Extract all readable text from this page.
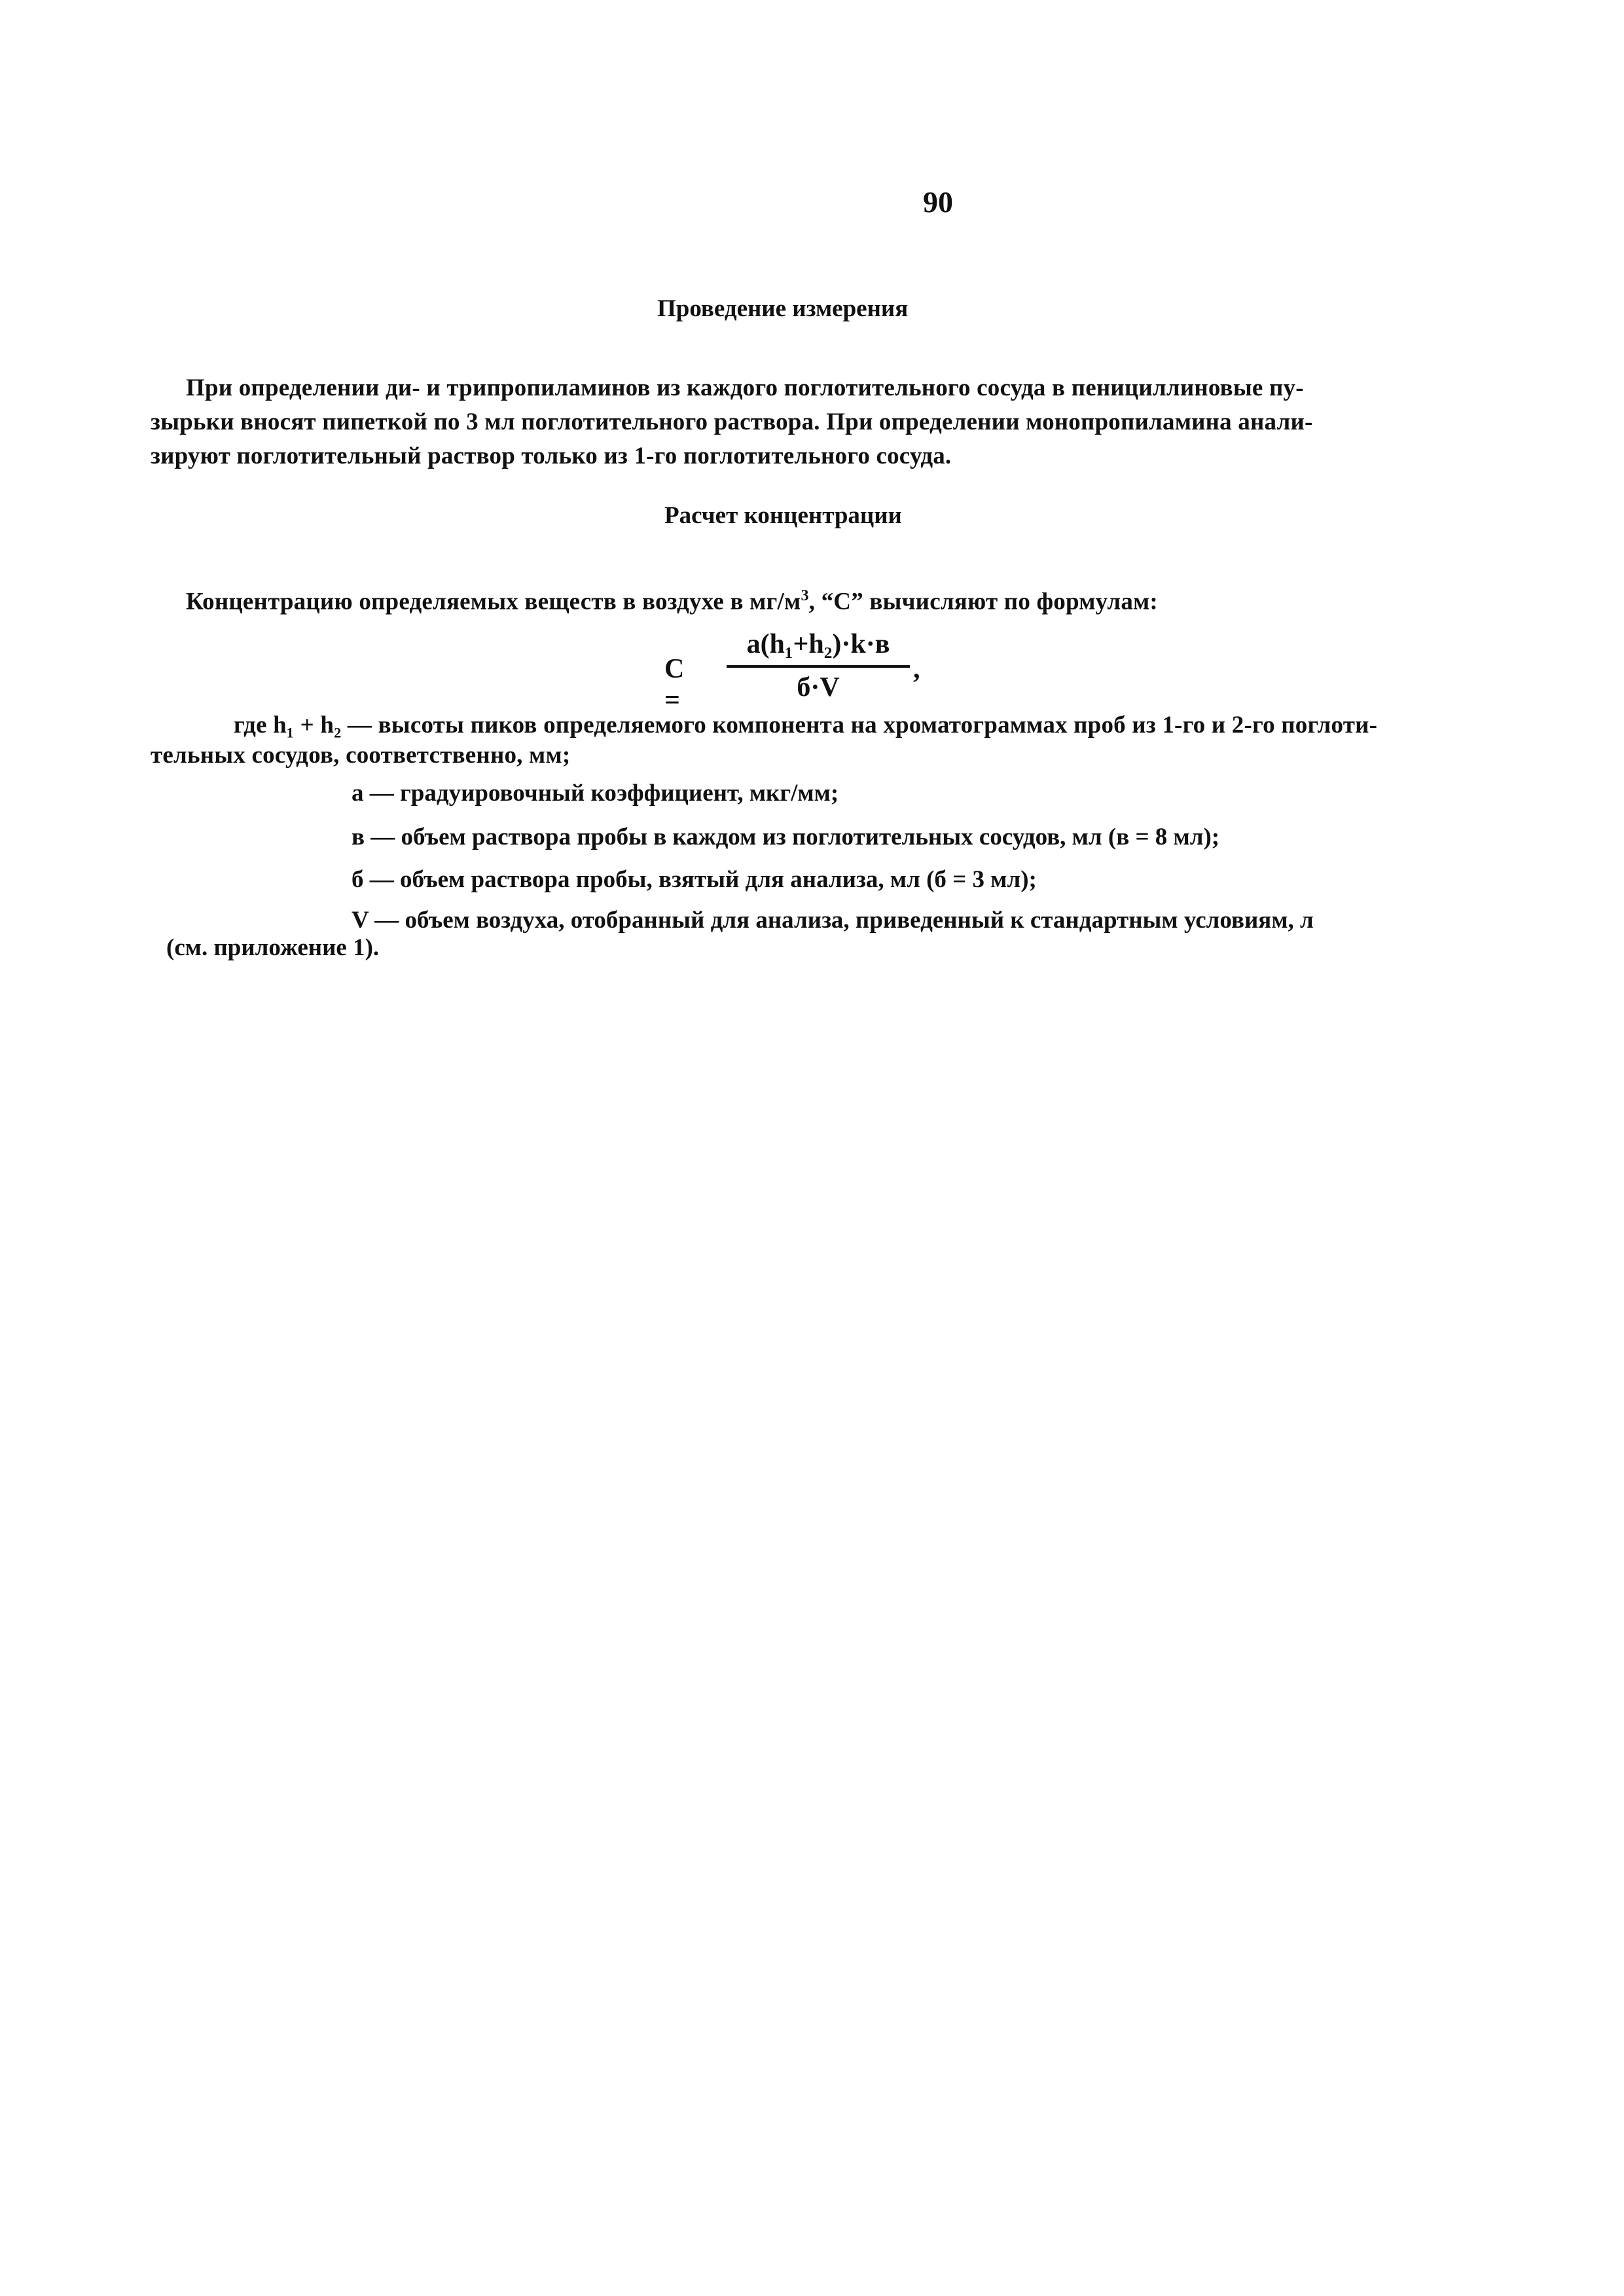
90
Проведение измерения
При определении ди- и трипропиламинов из каждого поглотительного сосуда в пенициллиновые пу-
зырьки вносят пипеткой по 3 мл поглотительного раствора. При определении монопропиламина анали-
зируют поглотительный раствор только из 1-го поглотительного сосуда.
Расчет концентрации
Концентрацию определяемых веществ в воздухе в $мг/м^3$, “С” вычисляют по формулам:
С =
a(h₁+h₂)·k·в
б·V
,
где h₁ + h₂ — высоты пиков определяемого компонента на хроматограммах проб из 1-го и 2-го поглоти-
тельных сосудов, соответственно, мм;
а — градуировочный коэффициент, мкг/мм;
в — объем раствора пробы в каждом из поглотительных сосудов, мл (в = 8 мл);
б — объем раствора пробы, взятый для анализа, мл (б = 3 мл);
V — объем воздуха, отобранный для анализа, приведенный к стандартным условиям, л
(см. приложение 1).
